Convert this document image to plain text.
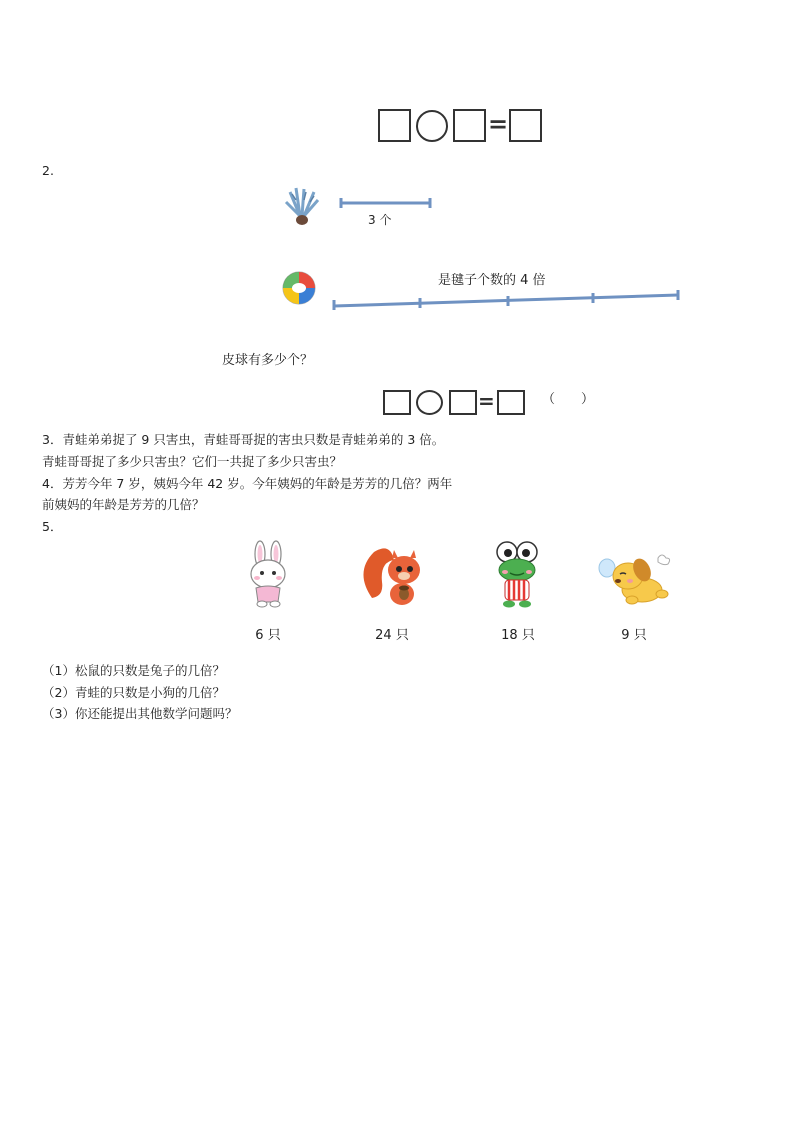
=
2.
3 个
是毽子个数的 4 倍
皮球有多少个？
=	（　　）
3．青蛙弟弟捉了 9 只害虫，青蛙哥哥捉的害虫只数是青蛙弟弟的 3 倍。
青蛙哥哥捉了多少只害虫？它们一共捉了多少只害虫？
4．芳芳今年 7 岁，姨妈今年 42 岁。今年姨妈的年龄是芳芳的几倍？两年
前姨妈的年龄是芳芳的几倍？
5．
6 只	24 只	18 只	9 只
（1）松鼠的只数是兔子的几倍？
（2）青蛙的只数是小狗的几倍？
（3）你还能提出其他数学问题吗？
